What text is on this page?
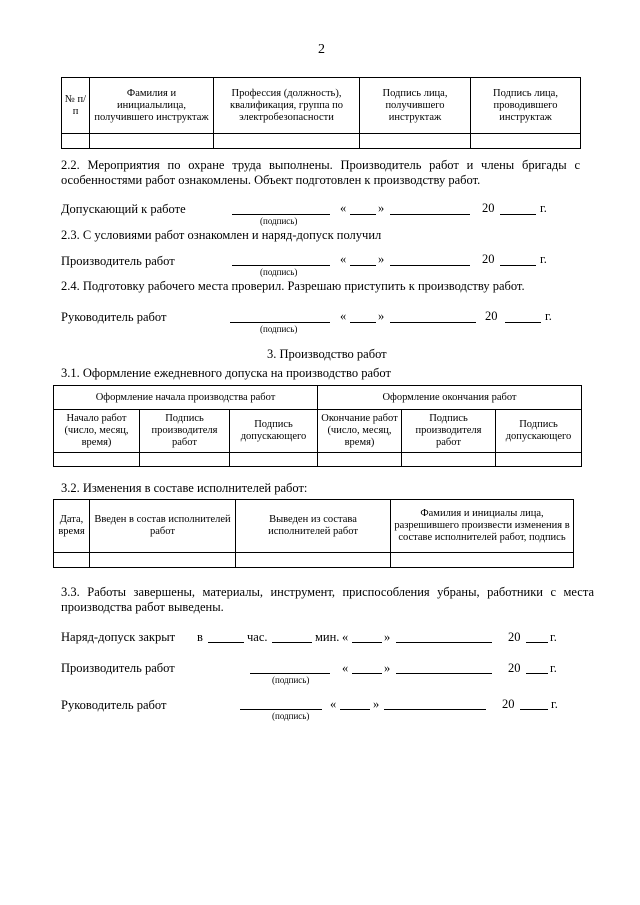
2
№ п/п	Фамилия и инициалылица, получившего инструктаж	Профессия (должность), квалификация, группа по электробезопасности	Подпись лица, получившего инструктаж	Подпись лица, проводившего инструктаж

2.2. Мероприятия по охране труда выполнены. Производитель работ и члены бригады с особенностями работ ознакомлены. Объект подготовлен к производству работ.
Допускающий к работе
(подпись)
«	»	20	г.
2.3. С условиями работ ознакомлен и наряд-допуск получил
Производитель работ
(подпись)
«	»	20	г.
2.4. Подготовку рабочего места проверил. Разрешаю приступить к производству работ.
Руководитель работ
(подпись)
«	»	20	г.
3. Производство работ
3.1. Оформление ежедневного допуска на производство работ
Оформление начала производства работ			Оформление окончания работ		
Начало работ (число, месяц, время)	Подпись производителя работ	Подпись допускающего	Окончание работ (число, месяц, время)	Подпись производителя работ	Подпись допускающего

3.2. Изменения в составе исполнителей работ:
Дата, время	Введен в состав исполнителей работ	Выведен из состава исполнителей работ	Фамилия и инициалы лица, разрешившего произвести изменения в составе исполнителей работ, подпись

3.3. Работы завершены, материалы, инструмент, приспособления убраны, работники с места производства работ выведены.
Наряд-допуск закрыт в	час.	мин. «	»	20 г.
Производитель работ
(подпись)
«	»	20 г.
Руководитель работ
(подпись)
«	»	20	г.
